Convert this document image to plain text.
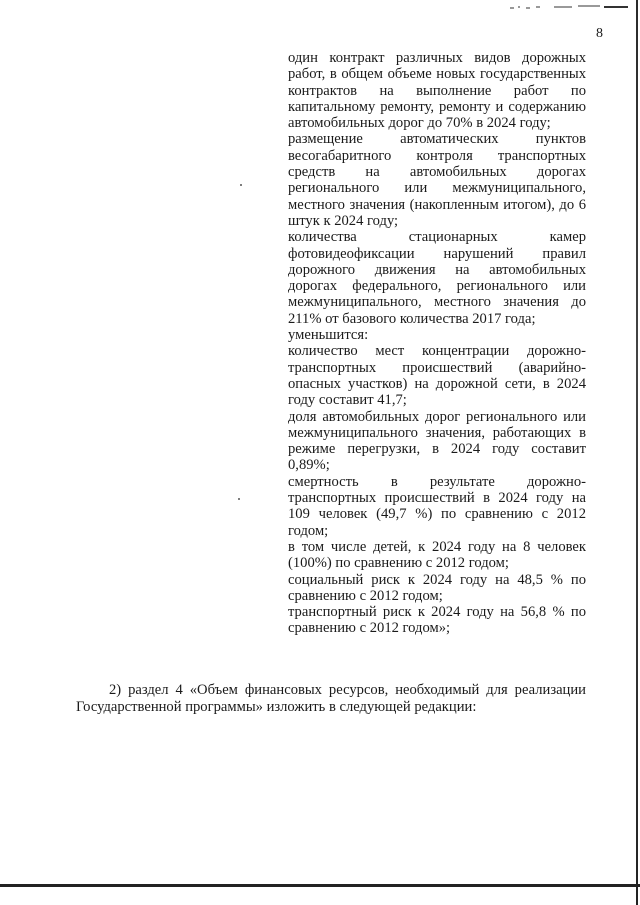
8

один контракт различных видов дорожных работ, в общем объеме новых государственных контрактов на выполнение работ по капитальному ремонту, ремонту и содержанию автомобильных дорог до 70% в 2024 году;

размещение автоматических пунктов весогабаритного контроля транспортных средств на автомобильных дорогах регионального или межмуниципального, местного значения (накопленным итогом), до 6 штук к 2024 году;

количества стационарных камер фотовидеофиксации нарушений правил дорожного движения на автомобильных дорогах федерального, регионального или межмуниципального, местного значения до 211% от базового количества 2017 года;

уменьшится:

количество мест концентрации дорожно-транспортных происшествий (аварийно-опасных участков) на дорожной сети, в 2024 году составит 41,7;

доля автомобильных дорог регионального или межмуниципального значения, работающих в режиме перегрузки, в 2024 году составит 0,89%;

смертность в результате дорожно-транспортных происшествий в 2024 году на 109 человек (49,7 %) по сравнению с 2012 годом;

в том числе детей, к 2024 году на 8 человек (100%) по сравнению с 2012 годом;

социальный риск к 2024 году на 48,5 % по сравнению с 2012 годом;

транспортный риск к 2024 году на 56,8 % по сравнению с 2012 годом»;

2) раздел 4 «Объем финансовых ресурсов, необходимый для реализации Государственной программы» изложить в следующей редакции:
